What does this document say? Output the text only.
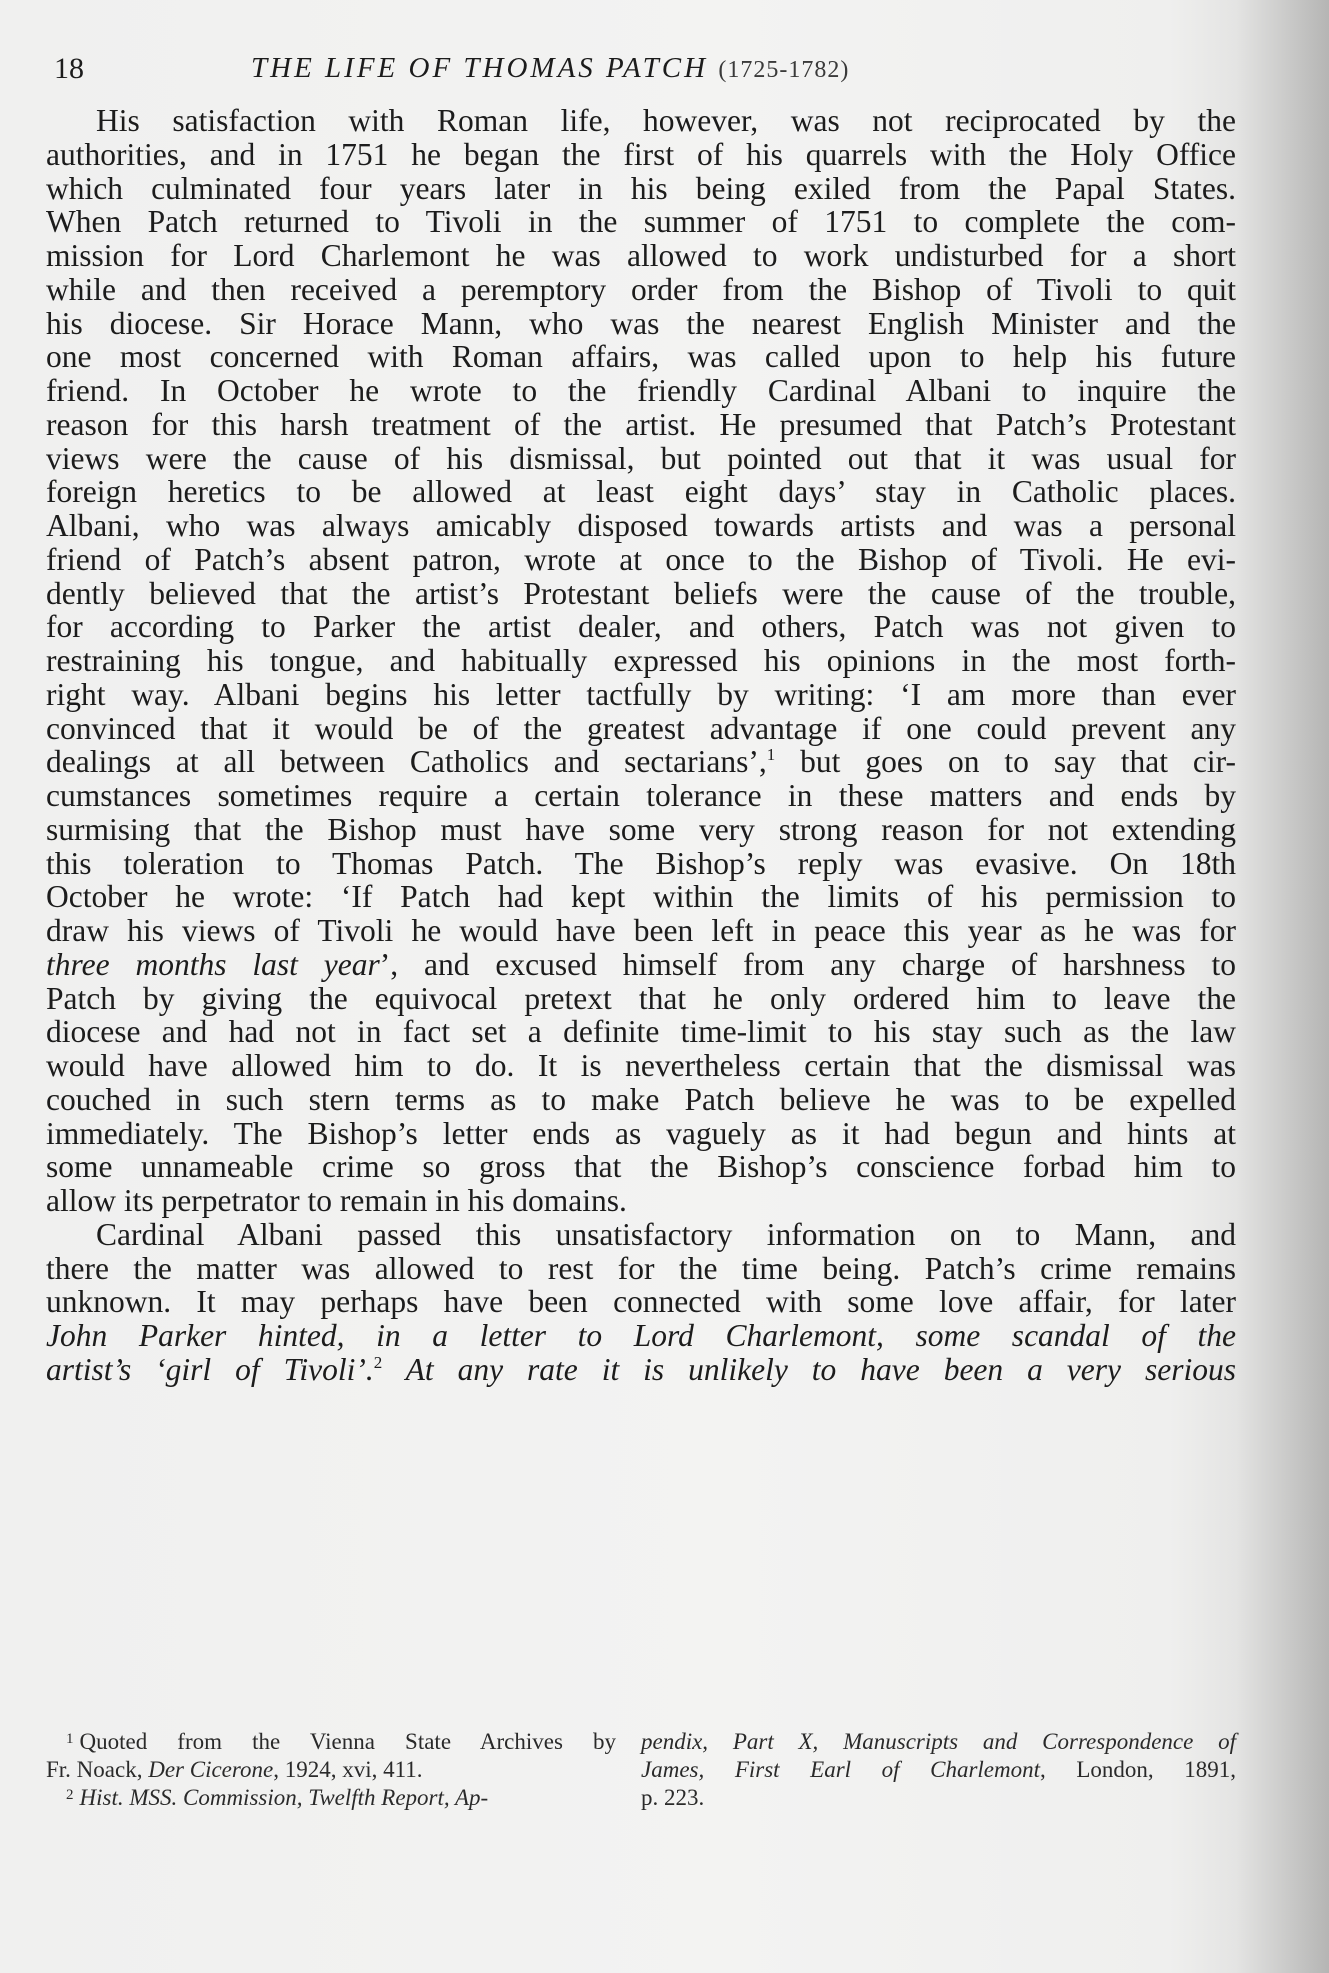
18	THE LIFE OF THOMAS PATCH (1725-1782)
His satisfaction with Roman life, however, was not reciprocated by the
authorities, and in 1751 he began the first of his quarrels with the Holy Office
which culminated four years later in his being exiled from the Papal States.
When Patch returned to Tivoli in the summer of 1751 to complete the com-
mission for Lord Charlemont he was allowed to work undisturbed for a short
while and then received a peremptory order from the Bishop of Tivoli to quit
his diocese. Sir Horace Mann, who was the nearest English Minister and the
one most concerned with Roman affairs, was called upon to help his future
friend. In October he wrote to the friendly Cardinal Albani to inquire the
reason for this harsh treatment of the artist. He presumed that Patch’s Protestant
views were the cause of his dismissal, but pointed out that it was usual for
foreign heretics to be allowed at least eight days’ stay in Catholic places.
Albani, who was always amicably disposed towards artists and was a personal
friend of Patch’s absent patron, wrote at once to the Bishop of Tivoli. He evi-
dently believed that the artist’s Protestant beliefs were the cause of the trouble,
for according to Parker the artist dealer, and others, Patch was not given to
restraining his tongue, and habitually expressed his opinions in the most forth-
right way. Albani begins his letter tactfully by writing: ‘I am more than ever
convinced that it would be of the greatest advantage if one could prevent any
dealings at all between Catholics and sectarians’,$^1$ but goes on to say that cir-
cumstances sometimes require a certain tolerance in these matters and ends by
surmising that the Bishop must have some very strong reason for not extending
this toleration to Thomas Patch. The Bishop’s reply was evasive. On 18th
October he wrote: ‘If Patch had kept within the limits of his permission to
draw his views of Tivoli he would have been left in peace this year as he was for
three months last year’, and excused himself from any charge of harshness to
Patch by giving the equivocal pretext that he only ordered him to leave the
diocese and had not in fact set a definite time-limit to his stay such as the law
would have allowed him to do. It is nevertheless certain that the dismissal was
couched in such stern terms as to make Patch believe he was to be expelled
immediately. The Bishop’s letter ends as vaguely as it had begun and hints at
some unnameable crime so gross that the Bishop’s conscience forbad him to
allow its perpetrator to remain in his domains.
Cardinal Albani passed this unsatisfactory information on to Mann, and
there the matter was allowed to rest for the time being. Patch’s crime remains
unknown. It may perhaps have been connected with some love affair, for later
John Parker hinted, in a letter to Lord Charlemont, some scandal of the
artist’s ‘girl of Tivoli’.$^2$ At any rate it is unlikely to have been a very serious
$^1$ Quoted from the Vienna State Archives by
Fr. Noack, Der Cicerone, 1924, xvi, 411.
$^2$ Hist. MSS. Commission, Twelfth Report, Ap-
pendix, Part X, Manuscripts and Correspondence of
James, First Earl of Charlemont, London, 1891,
p. 223.
